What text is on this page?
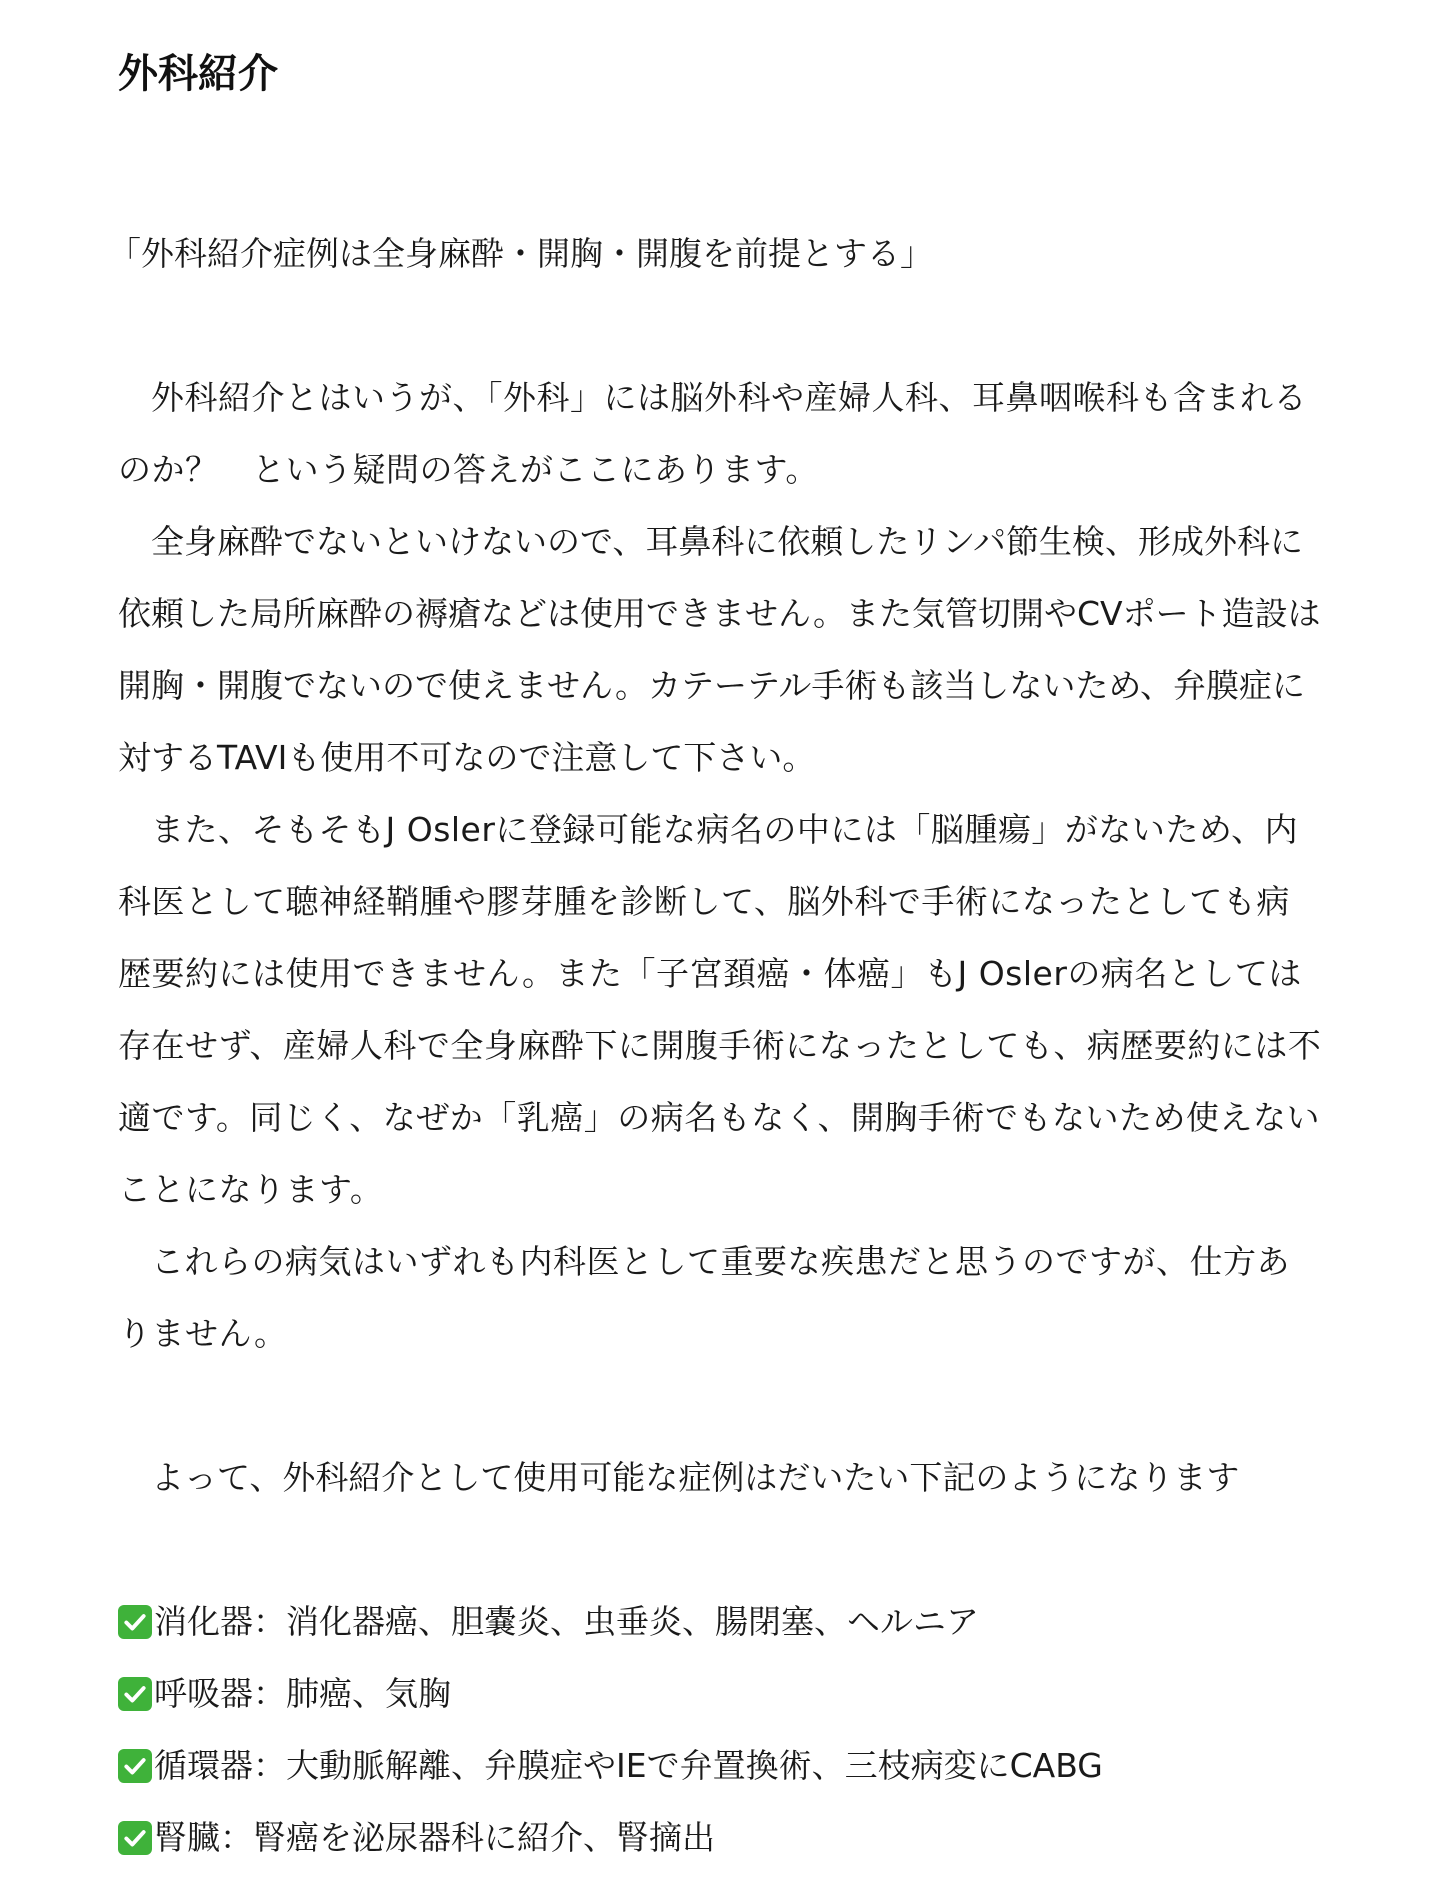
外科紹介

「外科紹介症例は全身麻酔・開胸・開腹を前提とする」

外科紹介とはいうが、「外科」には脳外科や産婦人科、耳鼻咽喉科も含まれるのか？　という疑問の答えがここにあります。

全身麻酔でないといけないので、耳鼻科に依頼したリンパ節生検、形成外科に依頼した局所麻酔の褥瘡などは使用できません。また気管切開やCVポート造設は開胸・開腹でないので使えません。カテーテル手術も該当しないため、弁膜症に対するTAVIも使用不可なので注意して下さい。

また、そもそもJ Oslerに登録可能な病名の中には「脳腫瘍」がないため、内科医として聴神経鞘腫や膠芽腫を診断して、脳外科で手術になったとしても病歴要約には使用できません。また「子宮頚癌・体癌」もJ Oslerの病名としては存在せず、産婦人科で全身麻酔下に開腹手術になったとしても、病歴要約には不適です。同じく、なぜか「乳癌」の病名もなく、開胸手術でもないため使えないことになります。

これらの病気はいずれも内科医として重要な疾患だと思うのですが、仕方ありません。

よって、外科紹介として使用可能な症例はだいたい下記のようになります

消化器：消化器癌、胆嚢炎、虫垂炎、腸閉塞、ヘルニア
呼吸器：肺癌、気胸
循環器：大動脈解離、弁膜症やIEで弁置換術、三枝病変にCABG
腎臓：腎癌を泌尿器科に紹介、腎摘出
